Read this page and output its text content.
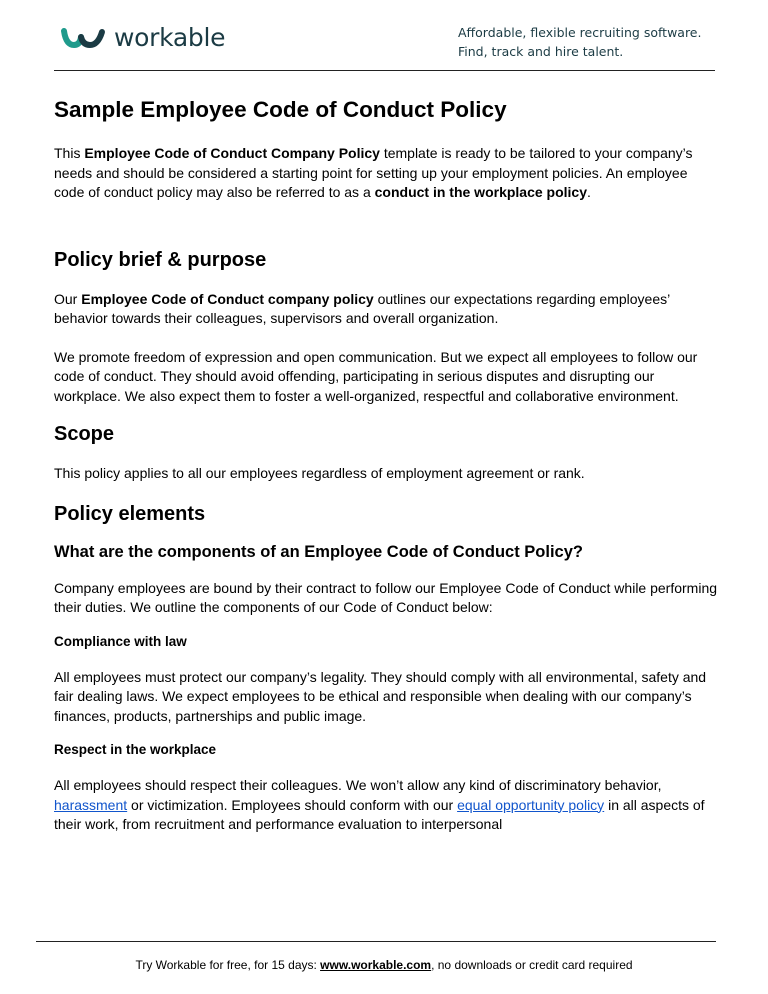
workable	Affordable, flexible recruiting software.
Find, track and hire talent.
Sample Employee Code of Conduct Policy

This Employee Code of Conduct Company Policy template is ready to be tailored to your company’s needs and should be considered a starting point for setting up your employment policies. An employee code of conduct policy may also be referred to as a conduct in the workplace policy.

Policy brief & purpose

Our Employee Code of Conduct company policy outlines our expectations regarding employees’ behavior towards their colleagues, supervisors and overall organization.

We promote freedom of expression and open communication. But we expect all employees to follow our code of conduct. They should avoid offending, participating in serious disputes and disrupting our workplace. We also expect them to foster a well-organized, respectful and collaborative environment.

Scope

This policy applies to all our employees regardless of employment agreement or rank.

Policy elements
What are the components of an Employee Code of Conduct Policy?

Company employees are bound by their contract to follow our Employee Code of Conduct while performing their duties. We outline the components of our Code of Conduct below:

Compliance with law

All employees must protect our company’s legality. They should comply with all environmental, safety and fair dealing laws. We expect employees to be ethical and responsible when dealing with our company’s finances, products, partnerships and public image.

Respect in the workplace

All employees should respect their colleagues. We won’t allow any kind of discriminatory behavior, harassment or victimization. Employees should conform with our equal opportunity policy in all aspects of their work, from recruitment and performance evaluation to interpersonal

Try Workable for free, for 15 days: www.workable.com, no downloads or credit card required
